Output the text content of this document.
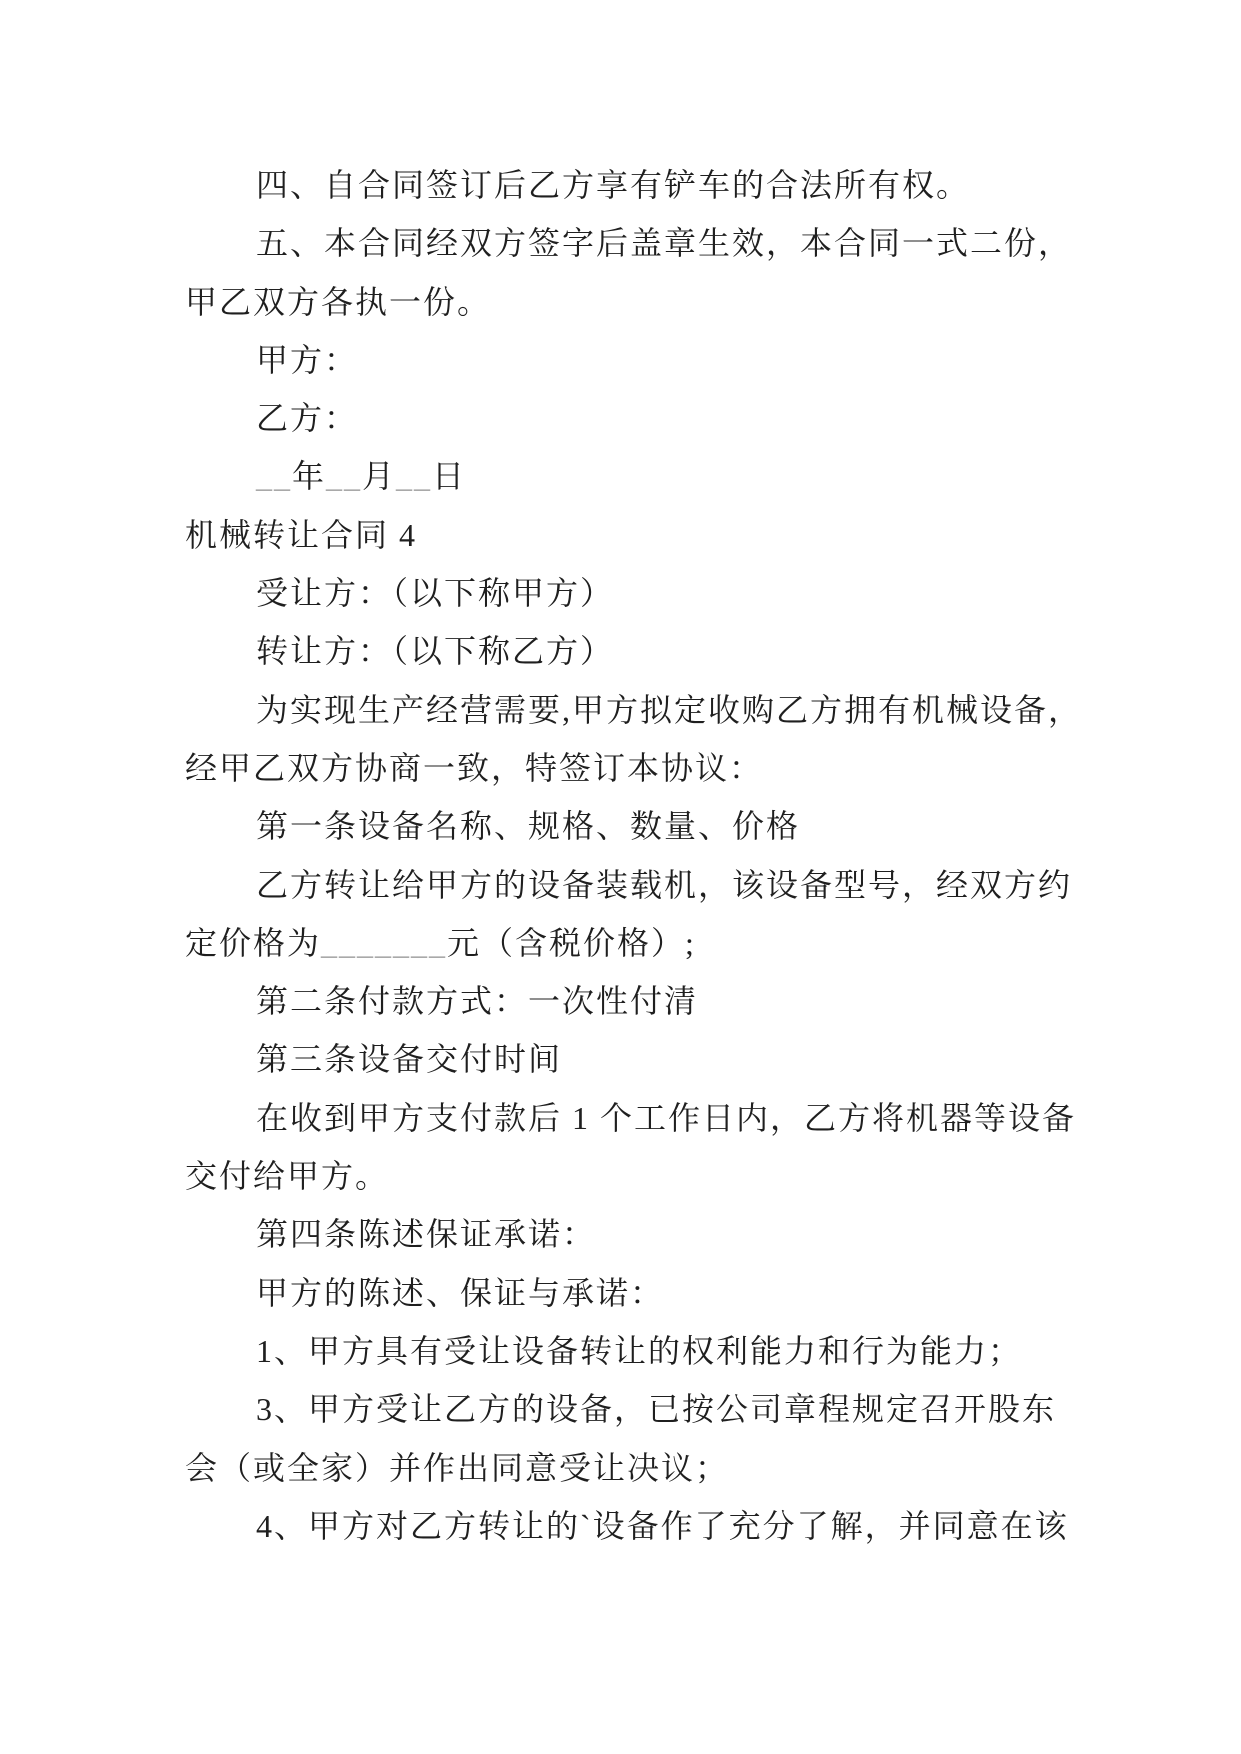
四、自合同签订后乙方享有铲车的合法所有权。

五、本合同经双方签字后盖章生效，本合同一式二份，

甲乙双方各执一份。

甲方：

乙方：

__年__月__日

机械转让合同 4

受让方：（以下称甲方）

转让方：（以下称乙方）

为实现生产经营需要,甲方拟定收购乙方拥有机械设备，

经甲乙双方协商一致，特签订本协议：

第一条设备名称、规格、数量、价格

乙方转让给甲方的设备装载机，该设备型号，经双方约

定价格为_______元（含税价格）;

第二条付款方式：一次性付清

第三条设备交付时间

在收到甲方支付款后 1 个工作日内，乙方将机器等设备

交付给甲方。

第四条陈述保证承诺：

甲方的陈述、保证与承诺：

1、甲方具有受让设备转让的权利能力和行为能力；

3、甲方受让乙方的设备，已按公司章程规定召开股东

会（或全家）并作出同意受让决议；

4、甲方对乙方转让的`设备作了充分了解，并同意在该
